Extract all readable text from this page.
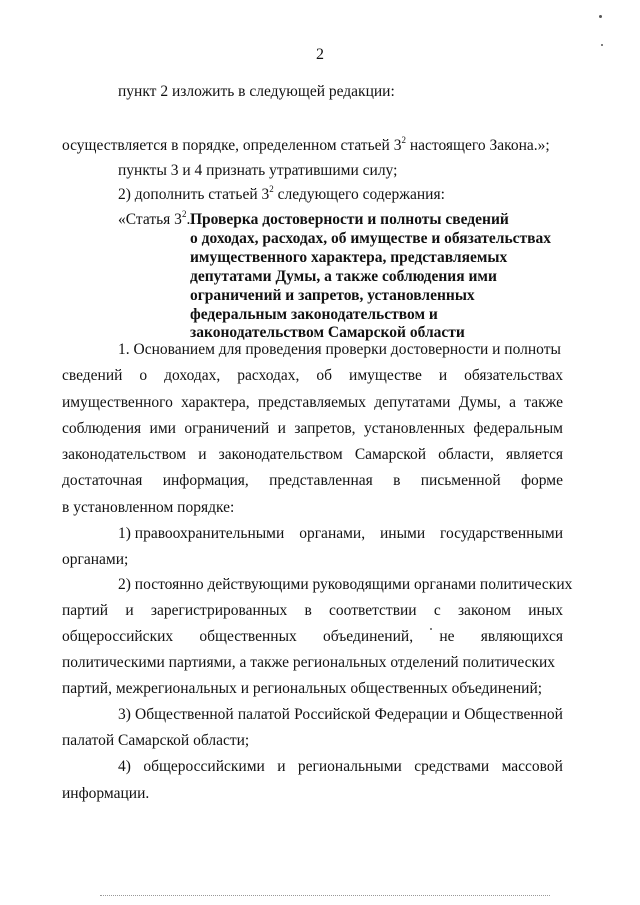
2
пункт 2 изложить в следующей редакции:
осуществляется в порядке, определенном статьей $3^2$ настоящего Закона.»;
пункты 3 и 4 признать утратившими силу;
2) дополнить статьей $3^2$ следующего содержания:
«Статья $3^2$. Проверка достоверности и полноты сведений
о доходах, расходах, об имуществе и обязательствах
имущественного характера, представляемых
депутатами Думы, а также соблюдения ими
ограничений и запретов, установленных
федеральным законодательством и
законодательством Самарской области
1. Основанием для проведения проверки достоверности и полноты
сведений о доходах, расходах, об имуществе и обязательствах
имущественного характера, представляемых депутатами Думы, а также
соблюдения ими ограничений и запретов, установленных федеральным
законодательством и законодательством Самарской области, является
достаточная информация, представленная в письменной форме
в установленном порядке:
1) правоохранительными органами, иными государственными
органами;
2) постоянно действующими руководящими органами политических
партий и зарегистрированных в соответствии с законом иных
общероссийских общественных объединений, не являющихся
политическими партиями, а также региональных отделений политических
партий, межрегиональных и региональных общественных объединений;
3) Общественной палатой Российской Федерации и Общественной
палатой Самарской области;
4) общероссийскими и региональными средствами массовой
информации.
